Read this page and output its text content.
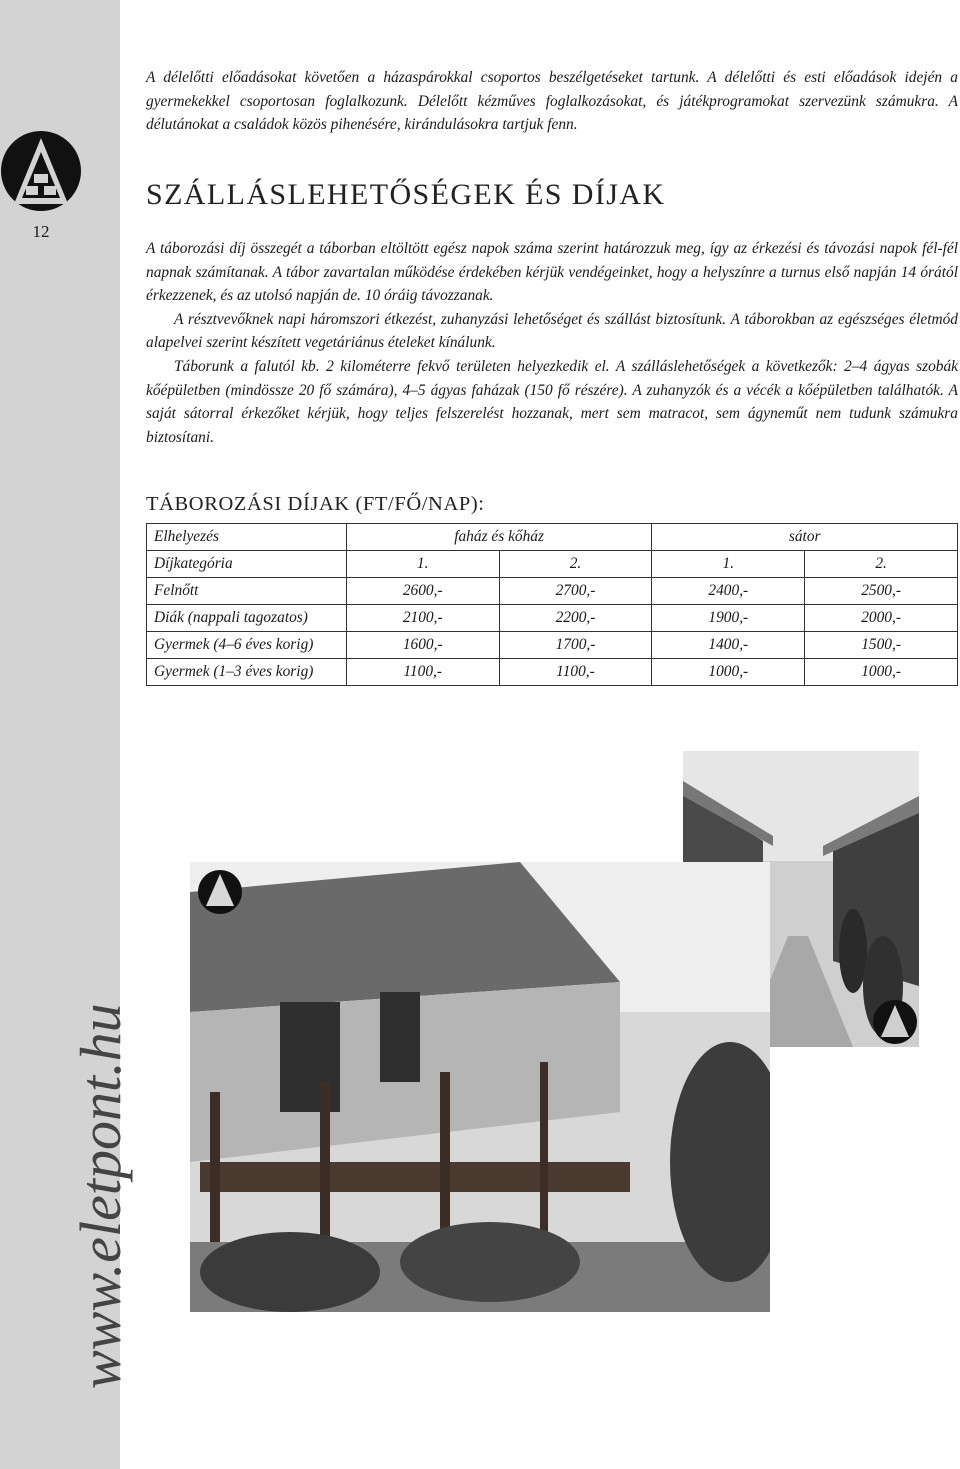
12
www.eletpont.hu

A délelőtti előadásokat követően a házaspárokkal csoportos beszélgetéseket tartunk. A délelőtti és esti előadások idején a gyermekekkel csoportosan foglalkozunk. Délelőtt kézműves foglalkozásokat, és játékprogramokat szervezünk számukra. A délutánokat a családok közös pihenésére, kirándulásokra tartjuk fenn.

SZÁLLÁSLEHETŐSÉGEK ÉS DÍJAK

A táborozási díj összegét a táborban eltöltött egész napok száma szerint határozzuk meg, így az érkezési és távozási napok fél-fél napnak számítanak. A tábor zavartalan működése érdekében kérjük vendégeinket, hogy a helyszínre a turnus első napján 14 órától érkezzenek, és az utolsó napján de. 10 óráig távozzanak.

A résztvevőknek napi háromszori étkezést, zuhanyzási lehetőséget és szállást biztosítunk. A táborokban az egészséges életmód alapelvei szerint készített vegetáriánus ételeket kínálunk.

Táborunk a falutól kb. 2 kilométerre fekvő területen helyezkedik el. A szálláslehetőségek a következők: 2–4 ágyas szobák kőépületben (mindössze 20 fő számára), 4–5 ágyas faházak (150 fő részére). A zuhanyzók és a vécék a kőépületben találhatók. A saját sátorral érkezőket kérjük, hogy teljes felszerelést hozzanak, mert sem matracot, sem ágyneműt nem tudunk számukra biztosítani.

TÁBOROZÁSI DÍJAK (FT/FŐ/NAP):
Elhelyezés	faház és kőház		sátor	
Díjkategória	1.	2.	1.	2.
Felnőtt	2600,-	2700,-	2400,-	2500,-
Diák (nappali tagozatos)	2100,-	2200,-	1900,-	2000,-
Gyermek (4–6 éves korig)	1600,-	1700,-	1400,-	1500,-
Gyermek (1–3 éves korig)	1100,-	1100,-	1000,-	1000,-
